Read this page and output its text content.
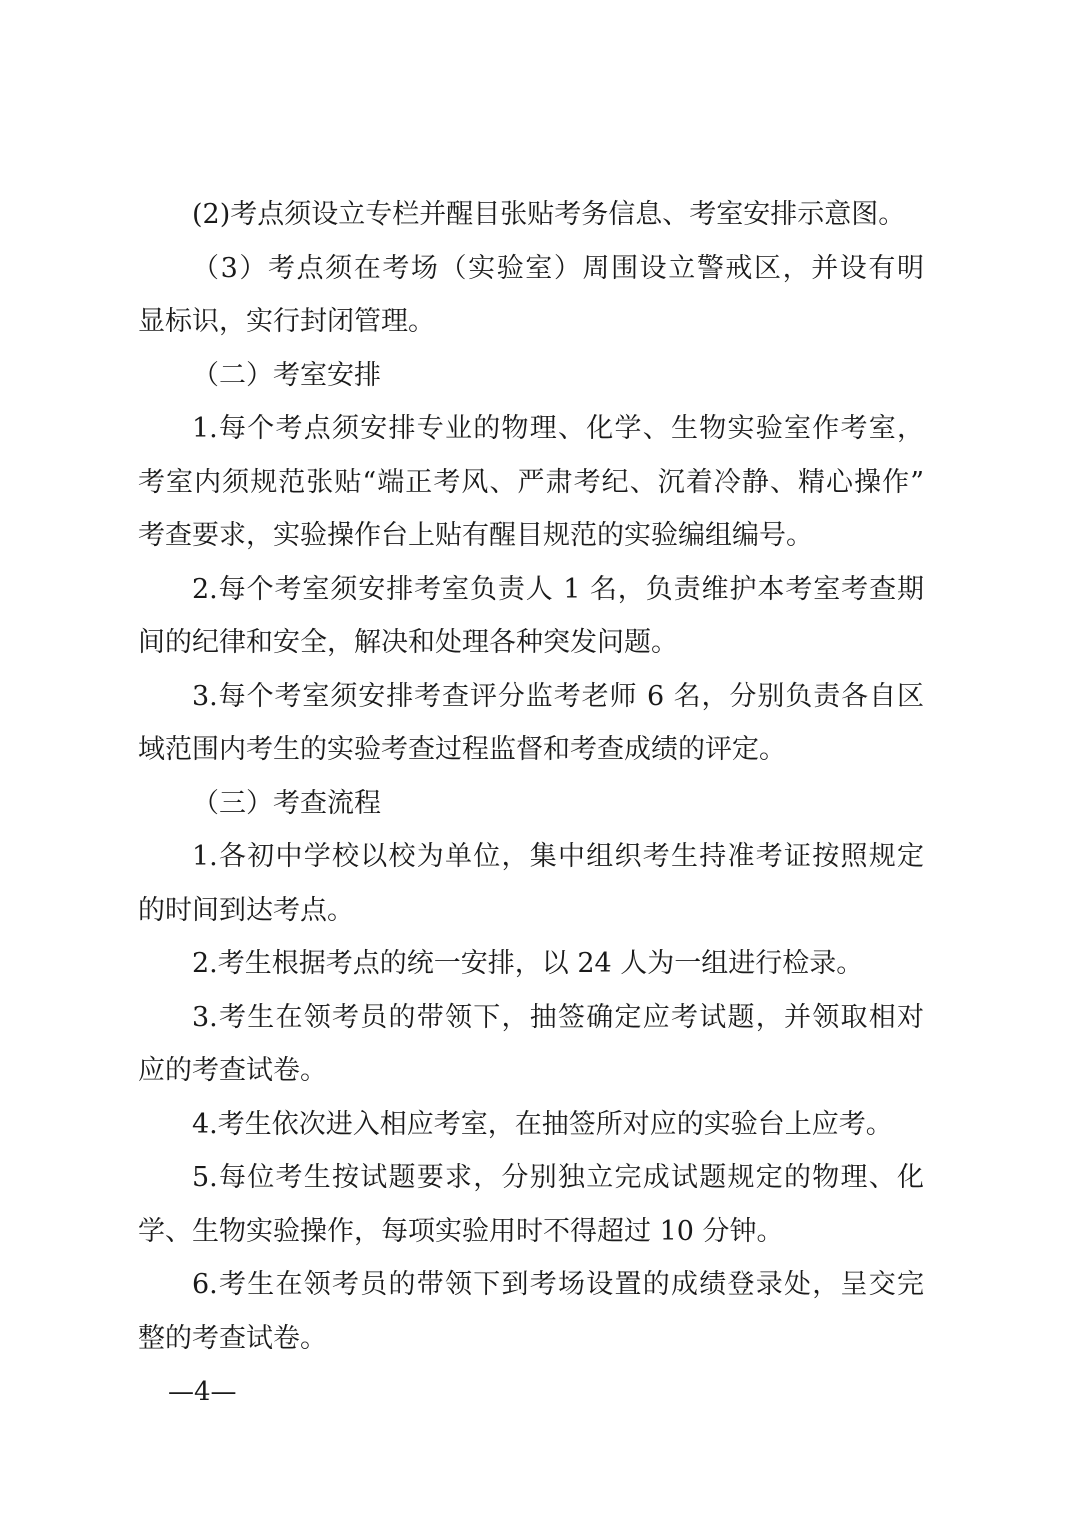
(2)考点须设立专栏并醒目张贴考务信息、考室安排示意图。
（3）考点须在考场（实验室）周围设立警戒区，并设有明
显标识，实行封闭管理。
（二）考室安排
1.每个考点须安排专业的物理、化学、生物实验室作考室，
考室内须规范张贴“端正考风、严肃考纪、沉着冷静、精心操作”
考查要求，实验操作台上贴有醒目规范的实验编组编号。
2.每个考室须安排考室负责人 1 名，负责维护本考室考查期
间的纪律和安全，解决和处理各种突发问题。
3.每个考室须安排考查评分监考老师 6 名，分别负责各自区
域范围内考生的实验考查过程监督和考查成绩的评定。
（三）考查流程
1.各初中学校以校为单位，集中组织考生持准考证按照规定
的时间到达考点。
2.考生根据考点的统一安排，以 24 人为一组进行检录。
3.考生在领考员的带领下，抽签确定应考试题，并领取相对
应的考查试卷。
4.考生依次进入相应考室，在抽签所对应的实验台上应考。
5.每位考生按试题要求，分别独立完成试题规定的物理、化
学、生物实验操作，每项实验用时不得超过 10 分钟。
6.考生在领考员的带领下到考场设置的成绩登录处，呈交完
整的考查试卷。
—4—
